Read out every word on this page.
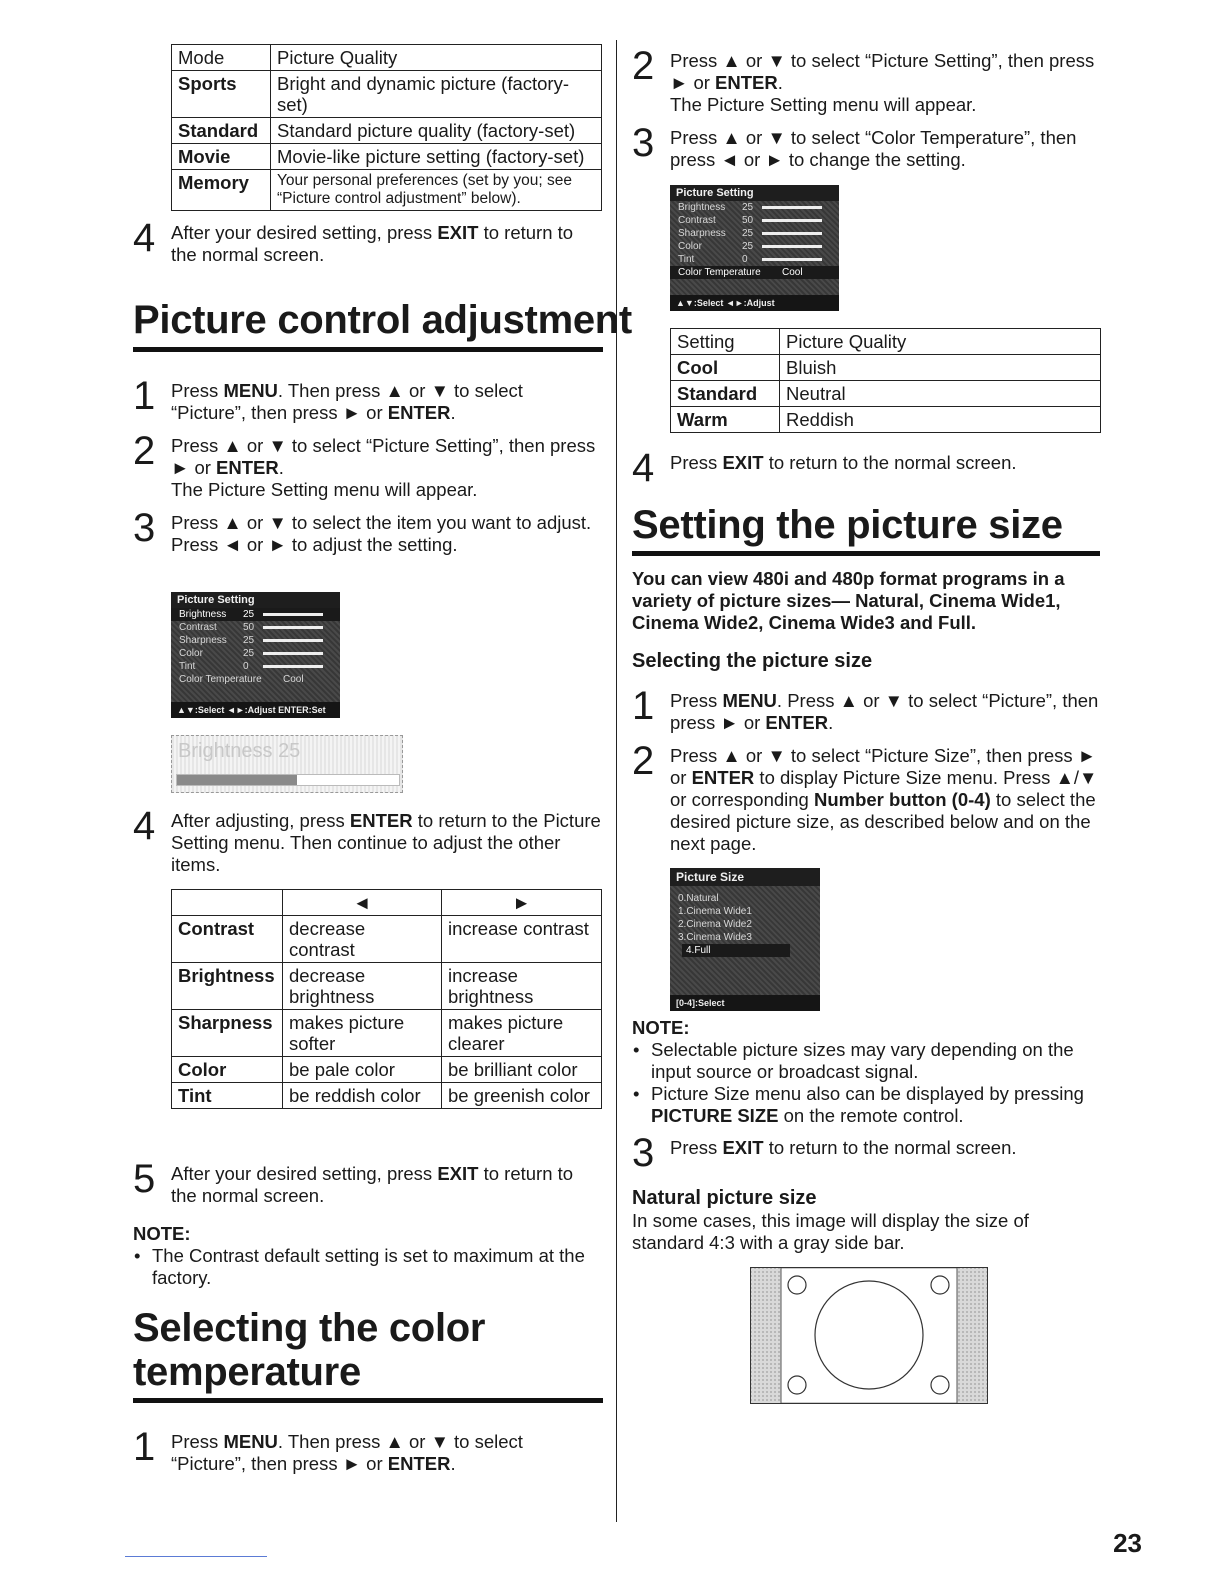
Mode	Picture Quality
Sports	Bright and dynamic picture (factory-set)
Standard	Standard picture quality (factory-set)
Movie	Movie-like picture setting (factory-set)
Memory	Your personal preferences (set by you; see “Picture control adjustment” below).
4 After your desired setting, press EXIT to return to the normal screen.
Picture control adjustment
1 Press MENU. Then press ▲ or ▼ to select “Picture”, then press ► or ENTER.
2 Press ▲ or ▼ to select “Picture Setting”, then press ► or ENTER.
The Picture Setting menu will appear.
3 Press ▲ or ▼ to select the item you want to adjust.
Press ◄ or ► to adjust the setting.
Picture Setting
Brightness 25
Contrast	50
Sharpness 25
Color	25
Tint	0
Color Temperature Cool
▲▼:Select ◄►:Adjust ENTER:Set
Brightness 25
4 After adjusting, press ENTER to return to the Picture Setting menu. Then continue to adjust the other items.
	◄	►
Contrast	decrease contrast	increase contrast
Brightness	decrease brightness	increase brightness
Sharpness	makes picture softer	makes picture clearer
Color	be pale color	be brilliant color
Tint	be reddish color	be greenish color
5 After your desired setting, press EXIT to return to the normal screen.
NOTE:
• The Contrast default setting is set to maximum at the factory.
Selecting the color
temperature
1 Press MENU. Then press ▲ or ▼ to select “Picture”, then press ► or ENTER.
2 Press ▲ or ▼ to select “Picture Setting”, then press ► or ENTER.
The Picture Setting menu will appear.
3 Press ▲ or ▼ to select “Color Temperature”, then press ◄ or ► to change the setting.
Picture Setting
Brightness 25
Contrast	50
Sharpness 25
Color	25
Tint	0
Color Temperature Cool
▲▼:Select ◄►:Adjust
Setting	Picture Quality
Cool	Bluish
Standard	Neutral
Warm	Reddish
4 Press EXIT to return to the normal screen.
Setting the picture size
You can view 480i and 480p format programs in a variety of picture sizes— Natural, Cinema Wide1, Cinema Wide2, Cinema Wide3 and Full.
Selecting the picture size
1 Press MENU. Press ▲ or ▼ to select “Picture”, then press ► or ENTER.
2 Press ▲ or ▼ to select “Picture Size”, then press ► or ENTER to display Picture Size menu. Press ▲/▼ or corresponding Number button (0-4) to select the desired picture size, as described below and on the next page.
Picture Size
0.Natural
1.Cinema Wide1
2.Cinema Wide2
3.Cinema Wide3
4.Full
[0-4]:Select
NOTE:
• Selectable picture sizes may vary depending on the input source or broadcast signal.
• Picture Size menu also can be displayed by pressing PICTURE SIZE on the remote control.
3 Press EXIT to return to the normal screen.
Natural picture size
In some cases, this image will display the size of standard 4:3 with a gray side bar.
23
